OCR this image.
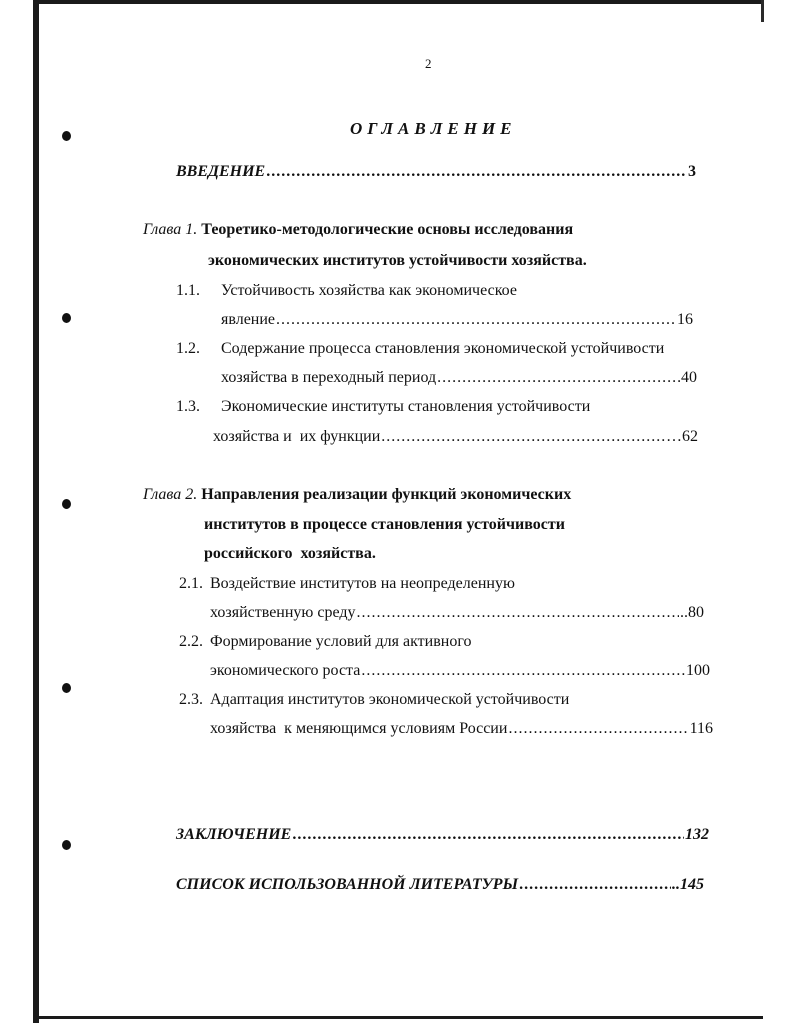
2
ОГЛАВЛЕНИЕ
ВВЕДЕНИЕ .....	3
Глава 1. Теоретико-методологические основы исследования
экономических институтов устойчивости хозяйства.
1.1. Устойчивость хозяйства как экономическое
явление .....	16
1.2. Содержание процесса становления экономической устойчивости
хозяйства в переходный период .....	40
1.3. Экономические институты становления устойчивости
хозяйства и  их функции .....	…62
Глава 2. Направления реализации функций экономических
институтов в процессе становления устойчивости
российского  хозяйства.
2.1. Воздействие институтов на неопределенную
хозяйственную среду .....	..80
2.2. Формирование условий для активного
экономического роста .....	100
2.3. Адаптация институтов экономической устойчивости
хозяйства  к меняющимся условиям России .....	116
ЗАКЛЮЧЕНИЕ .....	132
СПИСОК ИСПОЛЬЗОВАННОЙ ЛИТЕРАТУРЫ .....	..145
